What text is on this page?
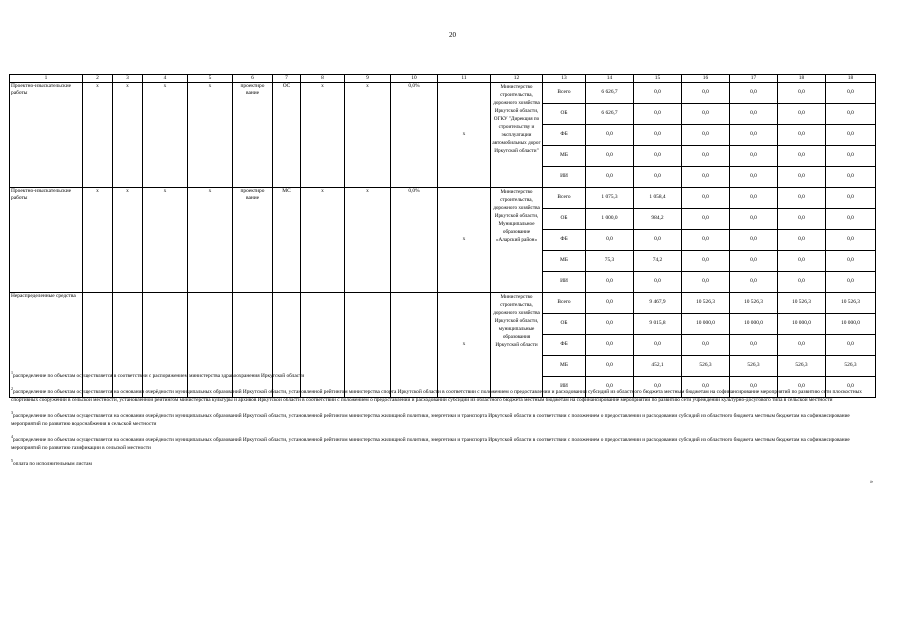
20
1	2	3	4	5	6	7	8	9	10	11	12	13	14	15	16	17	18	18
Проектно-изыскательские работы	х	х	х	х	проектиро вание	ОС	х	х	0,0%	х	Министерство строительства, дорожного хозяйства Иркутской области, ОГКУ "Дирекция по строительству и эксплуатации автомобильных дорог Иркутской области"	Всего	6 626,7	0,0	0,0	0,0	0,0	0,0
												ОБ	6 626,7	0,0	0,0	0,0	0,0	0,0
												ФБ	0,0	0,0	0,0	0,0	0,0	0,0
												МБ	0,0	0,0	0,0	0,0	0,0	0,0
												ИИ	0,0	0,0	0,0	0,0	0,0	0,0
Проектно-изыскательские работы	х	х	х	х	проектиро вание	МС	х	х	0,0%	х	Министерство строительства, дорожного хозяйства Иркутской области, Муниципальное образование «Аларский район»	Всего	1 075,3	1 058,4	0,0	0,0	0,0	0,0
												ОБ	1 000,0	984,2	0,0	0,0	0,0	0,0
												ФБ	0,0	0,0	0,0	0,0	0,0	0,0
												МБ	75,3	74,2	0,0	0,0	0,0	0,0
												ИИ	0,0	0,0	0,0	0,0	0,0	0,0
Нераспределенные средства										х	Министерство строительства, дорожного хозяйства Иркутской области, муниципальные образования Иркутской области	Всего	0,0	9 467,9	10 526,3	10 526,3	10 526,3	10 526,3
												ОБ	0,0	9 015,8	10 000,0	10 000,0	10 000,0	10 000,0
												ФБ	0,0	0,0	0,0	0,0	0,0	0,0
												МБ	0,0	452,1	526,3	526,3	526,3	526,3
												ИИ	0,0	0,0	0,0	0,0	0,0	0,0
$^1$распределение по объектам осуществляется в соответствии с распоряжением министерства здравоохранения Иркутской области
$^2$распределение по объектам осуществляется на основании очерёдности муниципальных образований Иркутской области, установленной рейтингом министерства спорта Иркутской области в соответствии с положением о предоставлении и расходовании субсидий из областного бюджета местным бюджетам на софинансирование мероприятий по развитию сети плоскостных спортивных сооружений в сельской местности, установленной рейтингом министерства культуры и архивов Иркутской области в соответствии с положением о предоставлении и расходовании субсидий из областного бюджета местным бюджетам на софинансирование мероприятий по развитию сети учреждений культурно-досугового типа в сельской местности
$^3$распределение по объектам осуществляется на основании очерёдности муниципальных образований Иркутской области, установленной рейтингом министерства жилищной политики, энергетики и транспорта Иркутской области в соответствии с положением о предоставлении и расходовании субсидий из областного бюджета местным бюджетам на софинансирование мероприятий по развитию водоснабжения в сельской местности
$^4$распределение по объектам осуществляется на основании очерёдности муниципальных образований Иркутской области, установленной рейтингом министерства жилищной политики, энергетики и транспорта Иркутской области в соответствии с положением о предоставлении и расходовании субсидий из областного бюджета местным бюджетам на софинансирование мероприятий по развитию газификации в сельской местности
$^5$оплата по исполнительным листам
»
